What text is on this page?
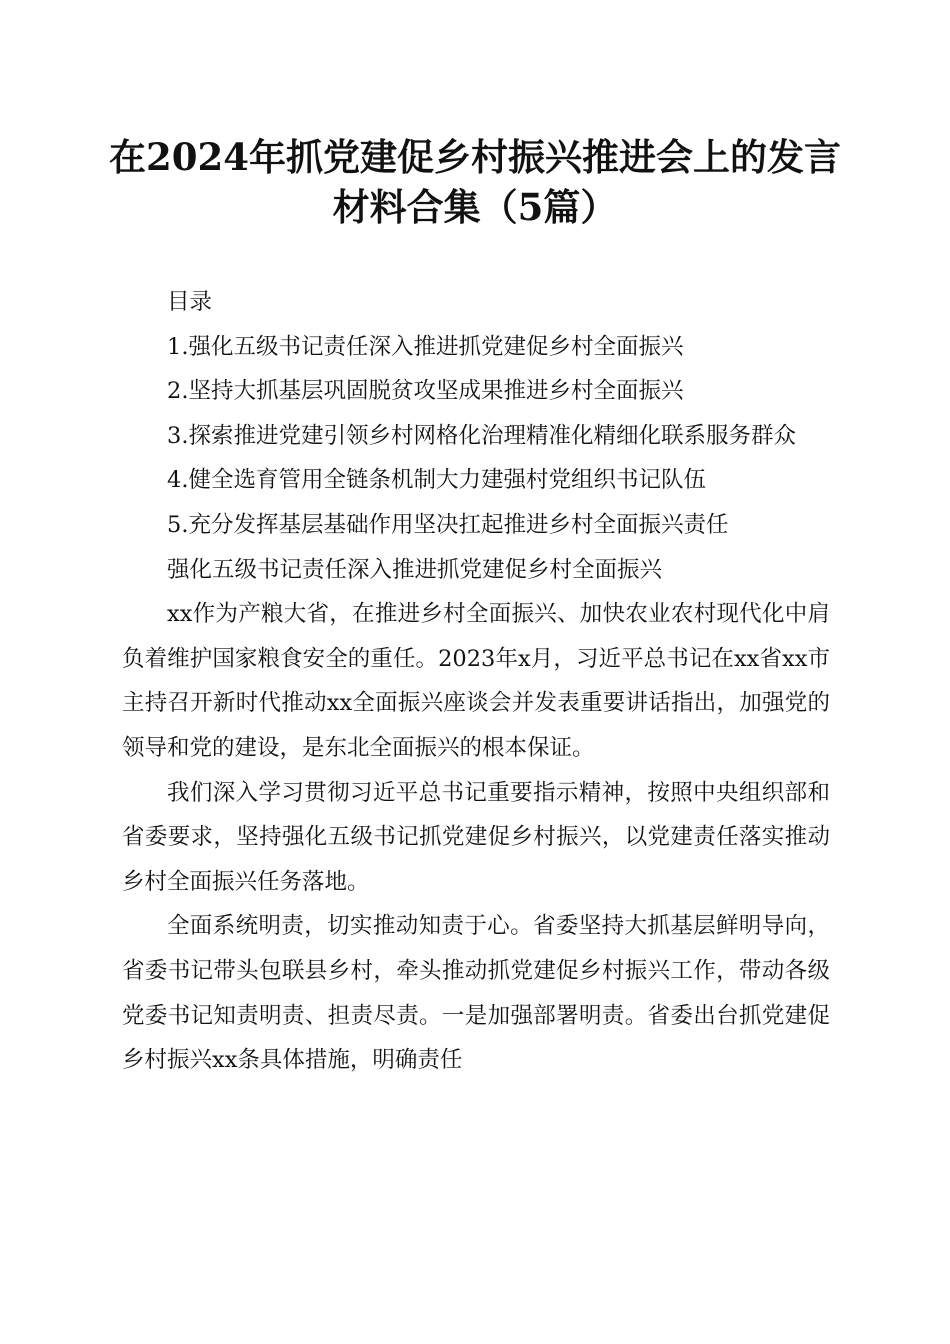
在2024年抓党建促乡村振兴推进会上的发言
材料合集（5篇）

目录

1.强化五级书记责任深入推进抓党建促乡村全面振兴

2.坚持大抓基层巩固脱贫攻坚成果推进乡村全面振兴

3.探索推进党建引领乡村网格化治理精准化精细化联系服务群众

4.健全选育管用全链条机制大力建强村党组织书记队伍

5.充分发挥基层基础作用坚决扛起推进乡村全面振兴责任

强化五级书记责任深入推进抓党建促乡村全面振兴

xx作为产粮大省，在推进乡村全面振兴、加快农业农村现代化中肩负着维护国家粮食安全的重任。2023年x月，习近平总书记在xx省xx市主持召开新时代推动xx全面振兴座谈会并发表重要讲话指出，加强党的领导和党的建设，是东北全面振兴的根本保证。

我们深入学习贯彻习近平总书记重要指示精神，按照中央组织部和省委要求，坚持强化五级书记抓党建促乡村振兴，以党建责任落实推动乡村全面振兴任务落地。

全面系统明责，切实推动知责于心。省委坚持大抓基层鲜明导向，省委书记带头包联县乡村，牵头推动抓党建促乡村振兴工作，带动各级党委书记知责明责、担责尽责。一是加强部署明责。省委出台抓党建促乡村振兴xx条具体措施，明确责任
